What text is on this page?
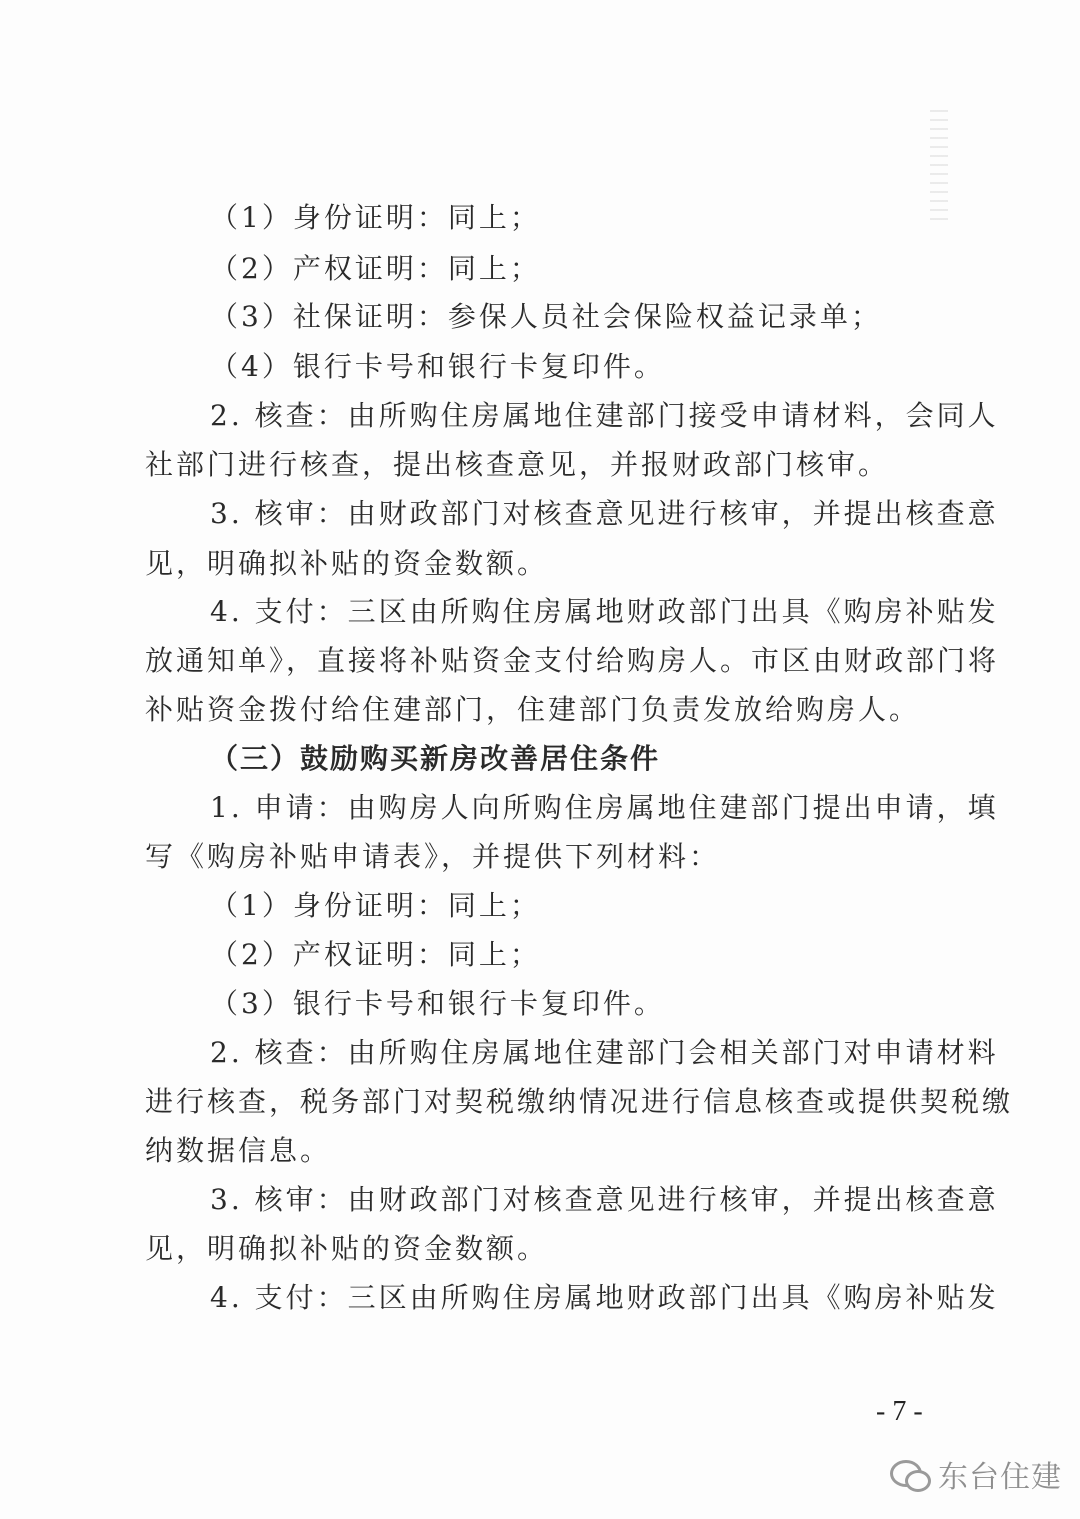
（1）身份证明：同上；
（2）产权证明：同上；
（3）社保证明：参保人员社会保险权益记录单；
（4）银行卡号和银行卡复印件。
2. 核查：由所购住房属地住建部门接受申请材料，会同人
社部门进行核查，提出核查意见，并报财政部门核审。
3. 核审：由财政部门对核查意见进行核审，并提出核查意
见，明确拟补贴的资金数额。
4. 支付：三区由所购住房属地财政部门出具《购房补贴发
放通知单》，直接将补贴资金支付给购房人。市区由财政部门将
补贴资金拨付给住建部门，住建部门负责发放给购房人。
（三）鼓励购买新房改善居住条件
1. 申请：由购房人向所购住房属地住建部门提出申请，填
写《购房补贴申请表》，并提供下列材料：
（1）身份证明：同上；
（2）产权证明：同上；
（3）银行卡号和银行卡复印件。
2. 核查：由所购住房属地住建部门会相关部门对申请材料
进行核查，税务部门对契税缴纳情况进行信息核查或提供契税缴
纳数据信息。
3. 核审：由财政部门对核查意见进行核审，并提出核查意
见，明确拟补贴的资金数额。
4. 支付：三区由所购住房属地财政部门出具《购房补贴发
- 7 -
东台住建
